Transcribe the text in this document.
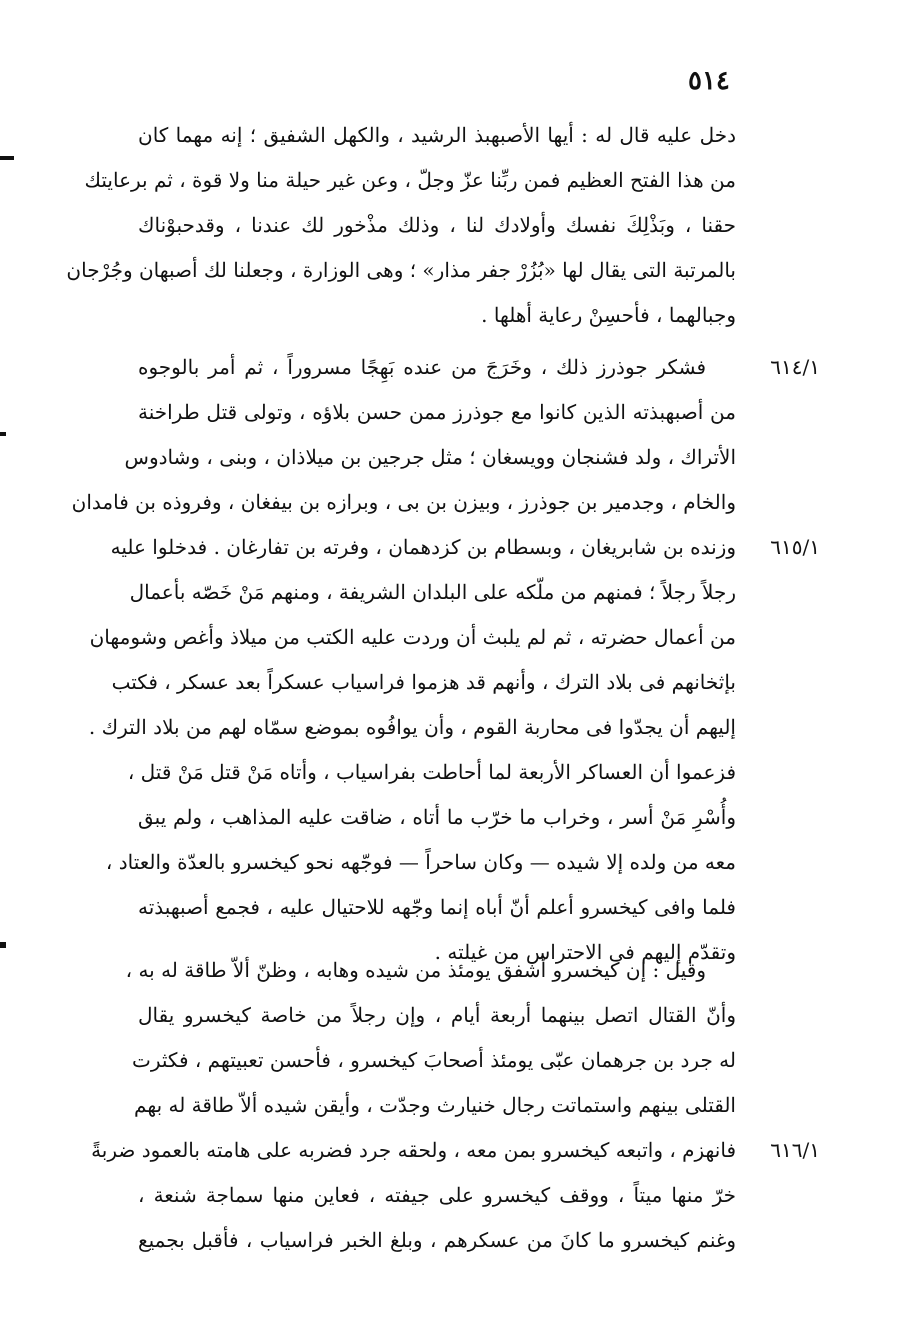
٥١٤
دخل عليه قال له : أيها الأصبهبذ الرشيد ، والكهل الشفيق ؛ إنه مهما كان
من هذا الفتح العظيم فمن ربِّنا عزّ وجلّ ، وعن غير حيلة منا ولا قوة ، ثم برعايتك
حقنا ، وبَذْلِكَ نفسك وأولادك لنا ، وذلك مذْخور لك عندنا ، وقدحبوْناك
بالمرتبة التى يقال لها «بُزُرْ جفر مذار» ؛ وهى الوزارة ، وجعلنا لك أصبهان وجُرْجان
وجبالهما ، فأحسِنْ رعاية أهلها .
فشكر جوذرز ذلك ، وخَرَجَ من عنده بَهِجًا مسروراً ، ثم أمر بالوجوه
من أصبهبذته الذين كانوا مع جوذرز ممن حسن بلاؤه ، وتولى قتل طراخنة
الأتراك ، ولد فشنجان وويسغان ؛ مثل جرجين بن ميلاذان ، وبنى ، وشادوس
والخام ، وجدمير بن جوذرز ، وبيزن بن بى ، وبرازه بن بيفغان ، وفروذه بن فامدان
وزنده بن شابريغان ، وبسطام بن كزدهمان ، وفرته بن تفارغان . فدخلوا عليه
رجلاً رجلاً ؛ فمنهم من ملّكه على البلدان الشريفة ، ومنهم مَنْ خَصّه بأعمال
من أعمال حضرته ، ثم لم يلبث أن وردت عليه الكتب من ميلاذ وأغص وشومهان
بإثخانهم فى بلاد الترك ، وأنهم قد هزموا فراسياب عسكراً بعد عسكر ، فكتب
إليهم أن يجدّوا فى محاربة القوم ، وأن يوافُوه بموضع سمّاه لهم من بلاد الترك .
فزعموا أن العساكر الأربعة لما أحاطت بفراسياب ، وأتاه مَنْ قتل مَنْ قتل ،
وأُسْرِ مَنْ أسر ، وخراب ما خرّب ما أتاه ، ضاقت عليه المذاهب ، ولم يبق
معه من ولده إلا شيده — وكان ساحراً — فوجّهه نحو كيخسرو بالعدّة والعتاد ،
فلما وافى كيخسرو أعلم أنّ أباه إنما وجّهه للاحتيال عليه ، فجمع أصبهبذته
وتقدّم إليهم فى الاحتراس من غيلته .
وقيل : إن كيخسرو أشفق يومئذ من شيده وهابه ، وظنّ ألاّ طاقة له به ،
وأنّ القتال اتصل بينهما أربعة أيام ، وإن رجلاً من خاصة كيخسرو يقال
له جرد بن جرهمان عبّى يومئذ أصحابَ كيخسرو ، فأحسن تعبيتهم ، فكثرت
القتلى بينهم واستماتت رجال خنيارث وجدّت ، وأيقن شيده ألاّ طاقة له بهم
فانهزم ، واتبعه كيخسرو بمن معه ، ولحقه جرد فضربه على هامته بالعمود ضربةً
خرّ منها ميتاً ، ووقف كيخسرو على جيفته ، فعاين منها سماجة شنعة ،
وغنم كيخسرو ما كانَ من عسكرهم ، وبلغ الخبر فراسياب ، فأقبل بجميع
٦١٤/١
٦١٥/١
٦١٦/١
